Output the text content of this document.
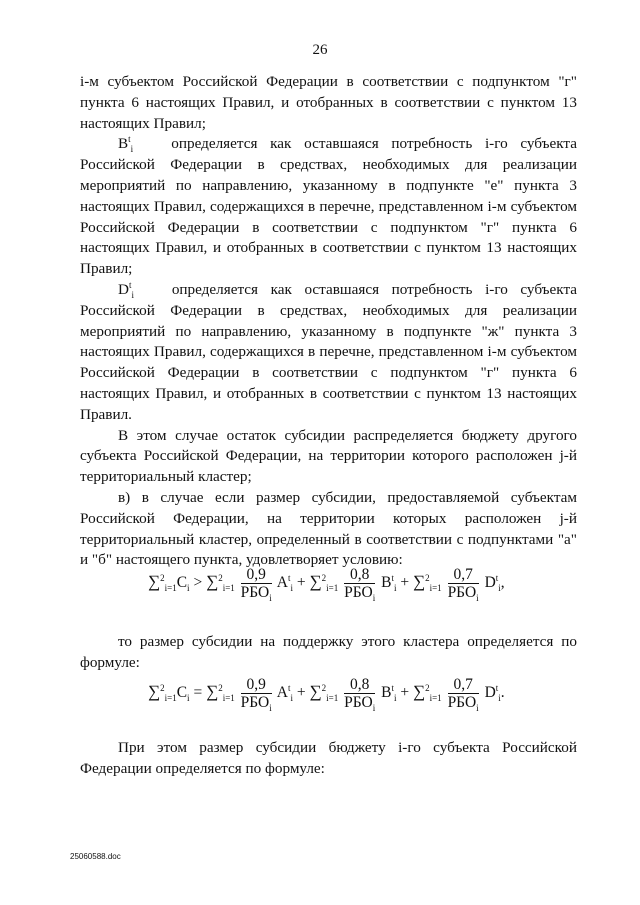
26

i-м субъектом Российской Федерации в соответствии с подпунктом "г" пункта 6 настоящих Правил, и отобранных в соответствии с пунктом 13 настоящих Правил;

$B^t_i$	определяется как оставшаяся потребность i-го субъекта Российской Федерации в средствах, необходимых для реализации мероприятий по направлению, указанному в подпункте "е" пункта 3 настоящих Правил, содержащихся в перечне, представленном i-м субъектом Российской Федерации в соответствии с подпунктом "г" пункта 6 настоящих Правил, и отобранных в соответствии с пунктом 13 настоящих Правил;

$D^t_i$ определяется как оставшаяся потребность i-го субъекта Российской Федерации в средствах, необходимых для реализации мероприятий по направлению, указанному в подпункте "ж" пункта 3 настоящих Правил, содержащихся в перечне, представленном i-м субъектом Российской Федерации в соответствии с подпунктом "г" пункта 6 настоящих Правил, и отобранных в соответствии с пунктом 13 настоящих Правил.

В этом случае остаток субсидии распределяется бюджету другого субъекта Российской Федерации, на территории которого расположен j-й территориальный кластер;

в) в случае если размер субсидии, предоставляемой субъектам Российской Федерации, на территории которых расположен j-й территориальный кластер, определенный в соответствии с подпунктами "а" и "б" настоящего пункта, удовлетворяет условию:

$\sum^2_{i=1}C_i > \sum^2_{i=1} \frac{0,9}{РБО_i} A^t_i + \sum^2_{i=1} \frac{0,8}{РБО_i} B^t_i + \sum^2_{i=1} \frac{0,7}{РБО_i} D^t_i$,

то размер субсидии на поддержку этого кластера определяется по формуле:

$\sum^2_{i=1}C_i = \sum^2_{i=1} \frac{0,9}{РБО_i} A^t_i + \sum^2_{i=1} \frac{0,8}{РБО_i} B^t_i + \sum^2_{i=1} \frac{0,7}{РБО_i} D^t_i$.

При этом размер субсидии бюджету i-го субъекта Российской Федерации определяется по формуле:

25060588.doc
